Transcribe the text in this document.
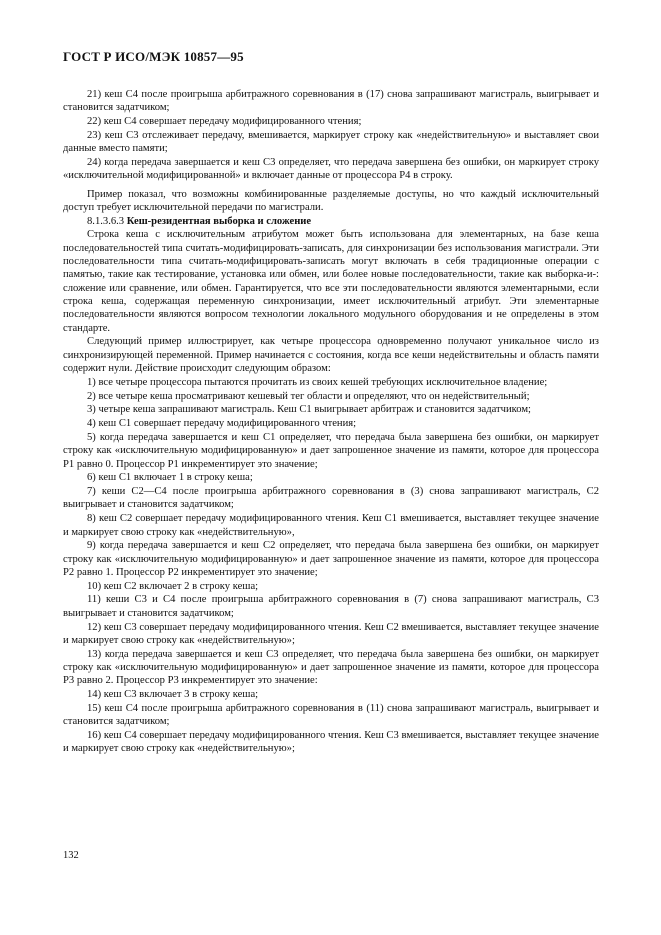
ГОСТ Р ИСО/МЭК 10857—95

21) кеш С4 после проигрыша арбитражного соревнования в (17) снова запрашивают магистраль, выигрывает и становится задатчиком;

22) кеш С4 совершает передачу модифицированного чтения;

23) кеш С3 отслеживает передачу, вмешивается, маркирует строку как «недействительную» и выставляет свои данные вместо памяти;

24) когда передача завершается и кеш С3 определяет, что передача завершена без ошибки, он маркирует строку «исключительной модифицированной» и включает данные от процессора Р4 в строку.

Пример показал, что возможны комбинированные разделяемые доступы, но что каждый исключительный доступ требует исключительной передачи по магистрали.

8.1.3.6.3 Кеш-резидентная выборка и сложение

Строка кеша с исключительным атрибутом может быть использована для элементарных, на базе кеша последовательностей типа считать-модифицировать-записать, для синхронизации без использования магистрали. Эти последовательности типа считать-модифицировать-записать могут включать в себя традиционные операции с памятью, такие как тестирование, установка или обмен, или более новые последовательности, такие как выборка-и-: сложение или сравнение, или обмен. Гарантируется, что все эти последовательности являются элементарными, если строка кеша, содержащая переменную синхронизации, имеет исключительный атрибут. Эти элементарные последовательности являются вопросом технологии локального модульного оборудования и не определены в этом стандарте.

Следующий пример иллюстрирует, как четыре процессора одновременно получают уникальное число из синхронизирующей переменной. Пример начинается с состояния, когда все кеши недействительны и область памяти содержит нули. Действие происходит следующим образом:

1) все четыре процессора пытаются прочитать из своих кешей требующих исключительное владение;

2) все четыре кеша просматривают кешевый тег области и определяют, что он недействительный;

3) четыре кеша запрашивают магистраль. Кеш С1 выигрывает арбитраж и становится задатчиком;

4) кеш С1 совершает передачу модифицированного чтения;

5) когда передача завершается и кеш С1 определяет, что передача была завершена без ошибки, он маркирует строку как «исключительную модифицированную» и дает запрошенное значение из памяти, которое для процессора Р1 равно 0. Процессор Р1 инкрементирует это значение;

6) кеш С1 включает 1 в строку кеша;

7) кеши С2—С4 после проигрыша арбитражного соревнования в (3) снова запрашивают магистраль, С2 выигрывает и становится задатчиком;

8) кеш С2 совершает передачу модифицированного чтения. Кеш С1 вмешивается, выставляет текущее значение и маркирует свою строку как «недействительную»,

9) когда передача завершается и кеш С2 определяет, что передача была завершена без ошибки, он маркирует строку как «исключительную модифицированную» и дает запрошенное значение из памяти, которое для процессора Р2 равно 1. Процессор Р2 инкрементирует это значение;

10) кеш С2 включает 2 в строку кеша;

11) кеши С3 и С4 после проигрыша арбитражного соревнования в (7) снова запрашивают магистраль, С3 выигрывает и становится задатчиком;

12) кеш С3 совершает передачу модифицированного чтения. Кеш С2 вмешивается, выставляет текущее значение и маркирует свою строку как «недействительную»;

13) когда передача завершается и кеш С3 определяет, что передача была завершена без ошибки, он маркирует строку как «исключительную модифицированную» и дает запрошенное значение из памяти, которое для процессора Р3 равно 2. Процессор Р3 инкрементирует это значение:

14) кеш С3 включает 3 в строку кеша;

15) кеш С4 после проигрыша арбитражного соревнования в (11) снова запрашивают магистраль, выигрывает и становится задатчиком;

16) кеш С4 совершает передачу модифицированного чтения. Кеш С3 вмешивается, выставляет текущее значение и маркирует свою строку как «недействительную»;

132
